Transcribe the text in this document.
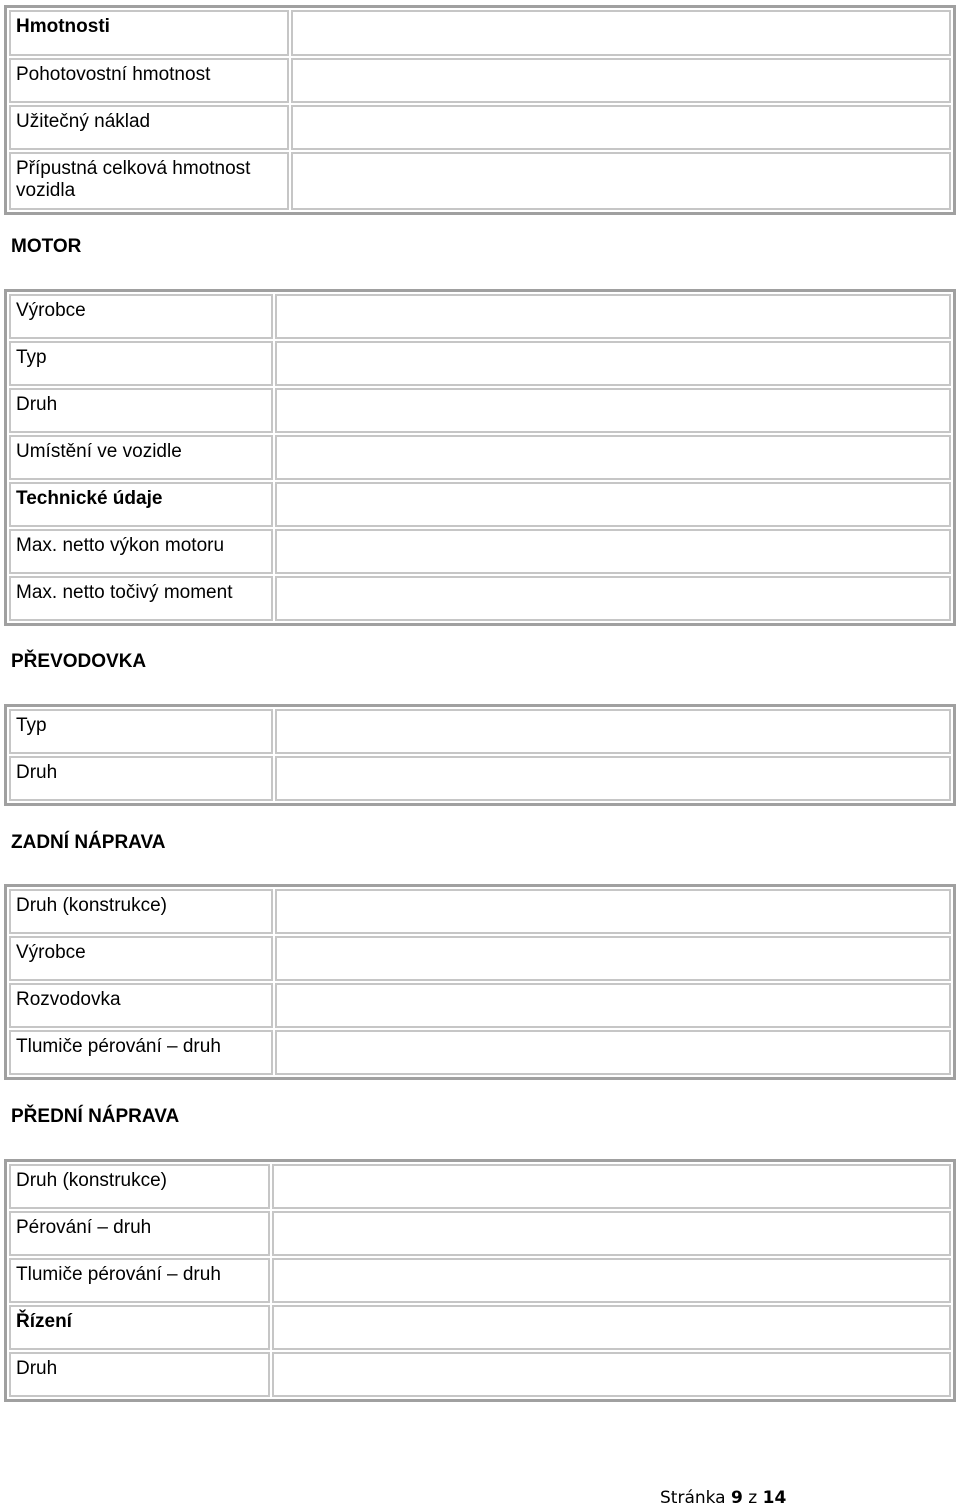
Hmotnosti	
Pohotovostní hmotnost	
Užitečný náklad	
Přípustná celková hmotnost vozidla	
MOTOR
Výrobce	
Typ	
Druh	
Umístění ve vozidle	
Technické údaje	
Max. netto výkon motoru	
Max. netto točivý moment	
PŘEVODOVKA
Typ	
Druh	
ZADNÍ NÁPRAVA
Druh (konstrukce)	
Výrobce	
Rozvodovka	
Tlumiče pérování – druh	
PŘEDNÍ NÁPRAVA
Druh (konstrukce)	
Pérování – druh	
Tlumiče pérování – druh	
Řízení	
Druh	
Stránka 9 z 14
